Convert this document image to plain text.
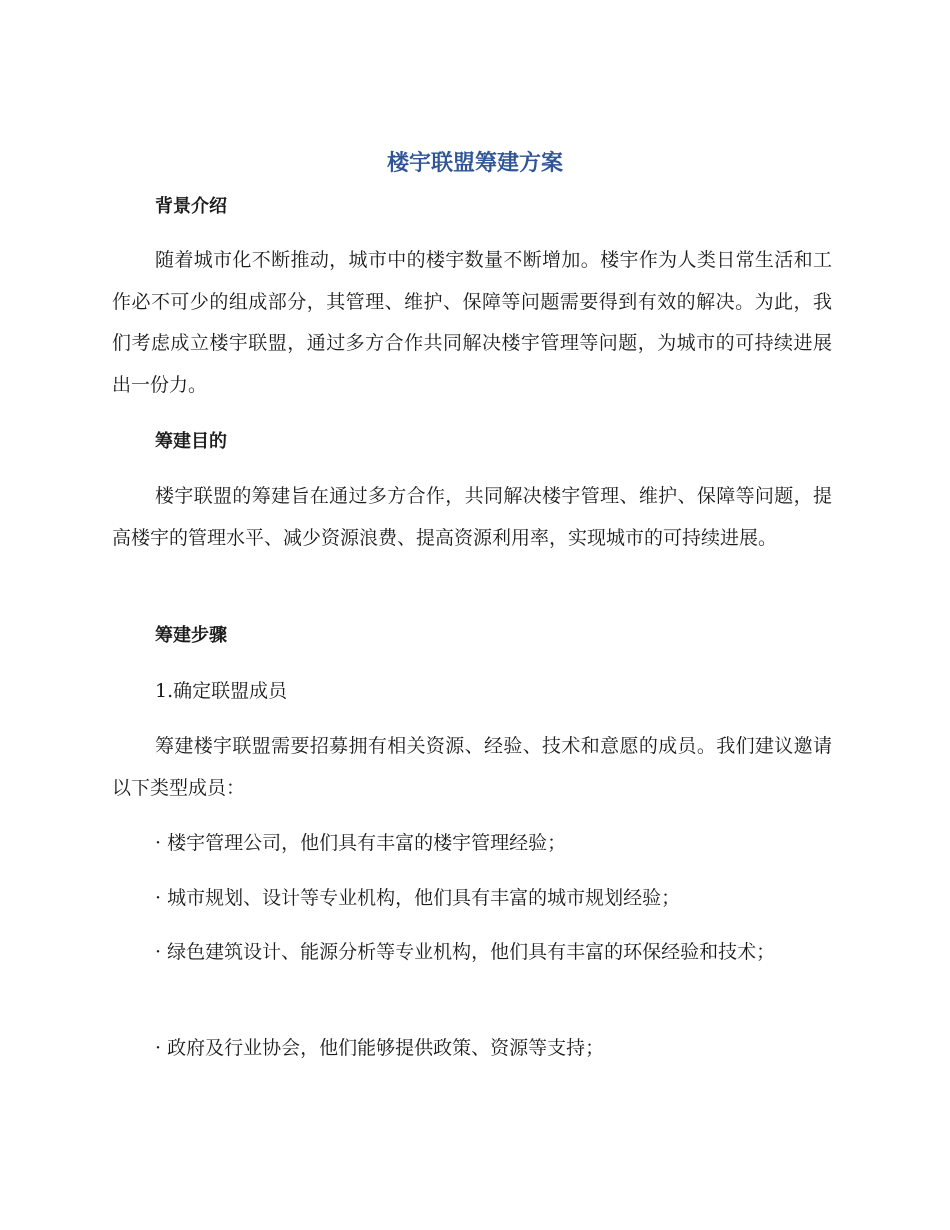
楼宇联盟筹建方案
背景介绍
随着城市化不断推动，城市中的楼宇数量不断增加。楼宇作为人类日常生活和工作必不可少的组成部分，其管理、维护、保障等问题需要得到有效的解决。为此，我们考虑成立楼宇联盟，通过多方合作共同解决楼宇管理等问题，为城市的可持续进展出一份力。
筹建目的
楼宇联盟的筹建旨在通过多方合作，共同解决楼宇管理、维护、保障等问题，提高楼宇的管理水平、减少资源浪费、提高资源利用率，实现城市的可持续进展。
筹建步骤
1.确定联盟成员
筹建楼宇联盟需要招募拥有相关资源、经验、技术和意愿的成员。我们建议邀请以下类型成员：
· 楼宇管理公司，他们具有丰富的楼宇管理经验；
· 城市规划、设计等专业机构，他们具有丰富的城市规划经验；
· 绿色建筑设计、能源分析等专业机构，他们具有丰富的环保经验和技术；
· 政府及行业协会，他们能够提供政策、资源等支持；
